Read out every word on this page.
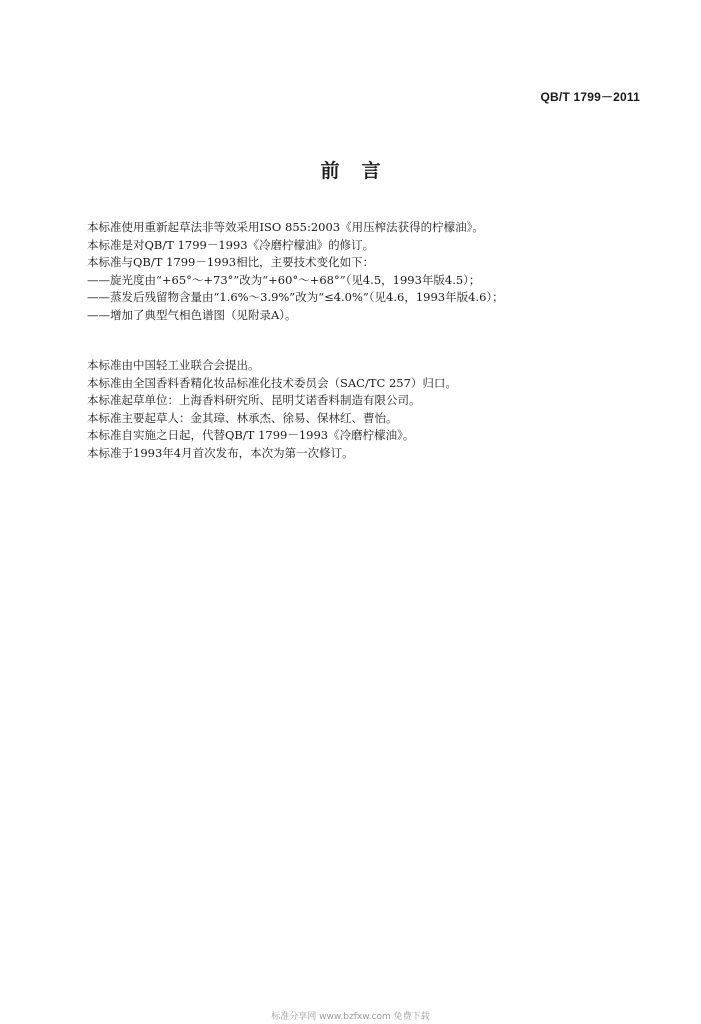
QB/T 1799－2011
前言
本标准使用重新起草法非等效采用ISO 855:2003《用压榨法获得的柠檬油》。
本标准是对QB/T 1799－1993《冷磨柠檬油》的修订。
本标准与QB/T 1799－1993相比，主要技术变化如下：
——旋光度由“+65°～+73°”改为“+60°～+68°”（见4.5，1993年版4.5）；
——蒸发后残留物含量由“1.6%～3.9%”改为“≤4.0%”（见4.6，1993年版4.6）；
——增加了典型气相色谱图（见附录A）。
本标准由中国轻工业联合会提出。
本标准由全国香料香精化妆品标准化技术委员会（SAC/TC 257）归口。
本标准起草单位：上海香料研究所、昆明艾诺香料制造有限公司。
本标准主要起草人：金其璋、林承杰、徐易、保林红、曹怡。
本标准自实施之日起，代替QB/T 1799－1993《冷磨柠檬油》。
本标准于1993年4月首次发布，本次为第一次修订。
标准分享网 www.bzfxw.com 免费下载
